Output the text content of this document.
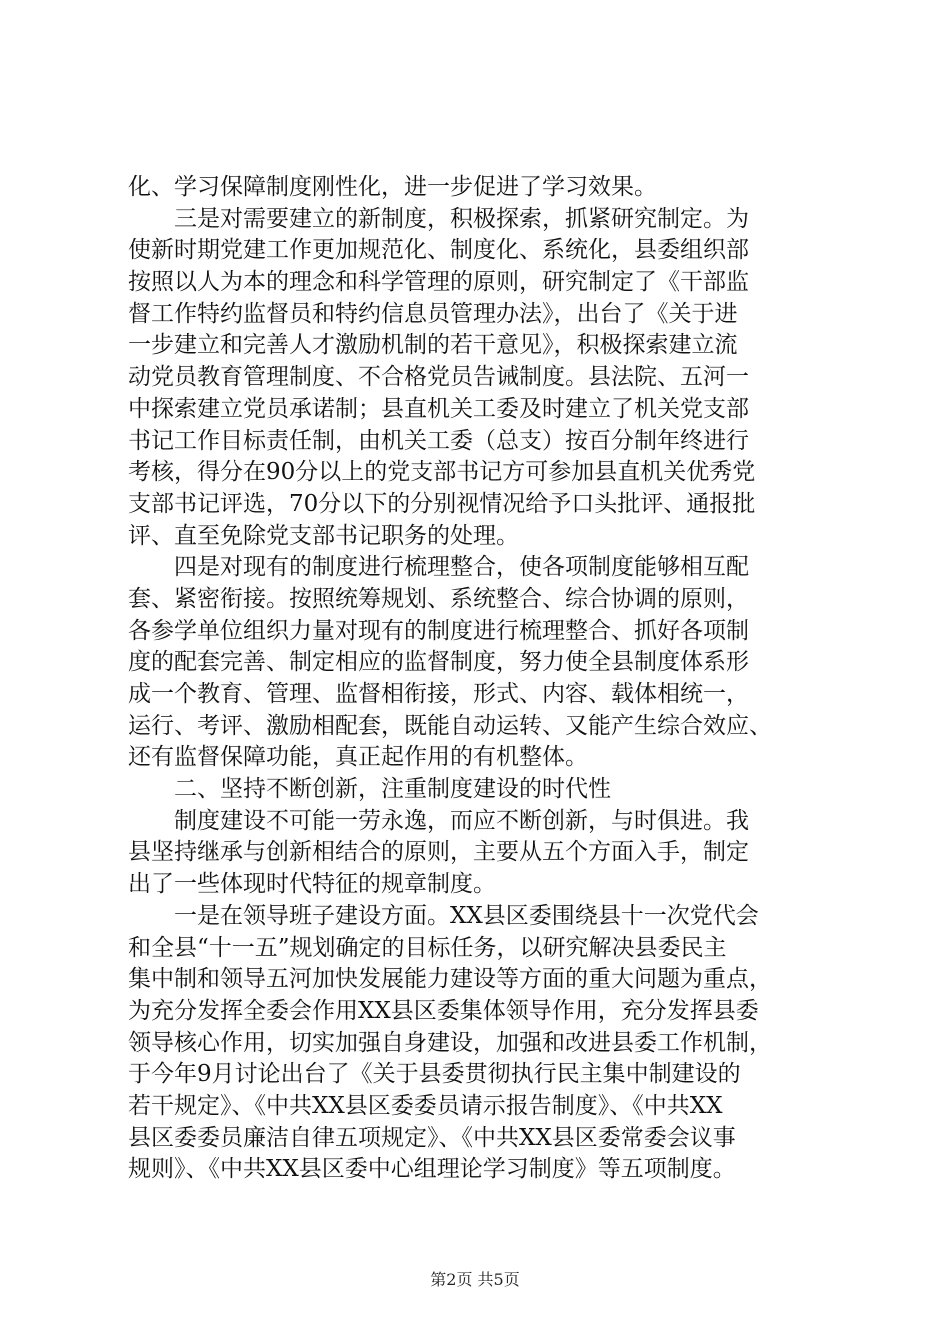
化、学习保障制度刚性化，进一步促进了学习效果。
三是对需要建立的新制度，积极探索，抓紧研究制定。为
使新时期党建工作更加规范化、制度化、系统化，县委组织部
按照以人为本的理念和科学管理的原则，研究制定了《干部监
督工作特约监督员和特约信息员管理办法》，出台了《关于进
一步建立和完善人才激励机制的若干意见》，积极探索建立流
动党员教育管理制度、不合格党员告诫制度。县法院、五河一
中探索建立党员承诺制；县直机关工委及时建立了机关党支部
书记工作目标责任制，由机关工委（总支）按百分制年终进行
考核，得分在90分以上的党支部书记方可参加县直机关优秀党
支部书记评选，70分以下的分别视情况给予口头批评、通报批
评、直至免除党支部书记职务的处理。
四是对现有的制度进行梳理整合，使各项制度能够相互配
套、紧密衔接。按照统筹规划、系统整合、综合协调的原则，
各参学单位组织力量对现有的制度进行梳理整合、抓好各项制
度的配套完善、制定相应的监督制度，努力使全县制度体系形
成一个教育、管理、监督相衔接，形式、内容、载体相统一，
运行、考评、激励相配套，既能自动运转、又能产生综合效应、
还有监督保障功能，真正起作用的有机整体。
二、坚持不断创新，注重制度建设的时代性
制度建设不可能一劳永逸，而应不断创新，与时俱进。我
县坚持继承与创新相结合的原则，主要从五个方面入手，制定
出了一些体现时代特征的规章制度。
一是在领导班子建设方面。XX县区委围绕县十一次党代会
和全县“十一五”规划确定的目标任务，以研究解决县委民主
集中制和领导五河加快发展能力建设等方面的重大问题为重点，
为充分发挥全委会作用XX县区委集体领导作用，充分发挥县委
领导核心作用，切实加强自身建设，加强和改进县委工作机制，
于今年9月讨论出台了《关于县委贯彻执行民主集中制建设的
若干规定》、《中共XX县区委委员请示报告制度》、《中共XX
县区委委员廉洁自律五项规定》、《中共XX县区委常委会议事
规则》、《中共XX县区委中心组理论学习制度》等五项制度。
第2页 共5页
